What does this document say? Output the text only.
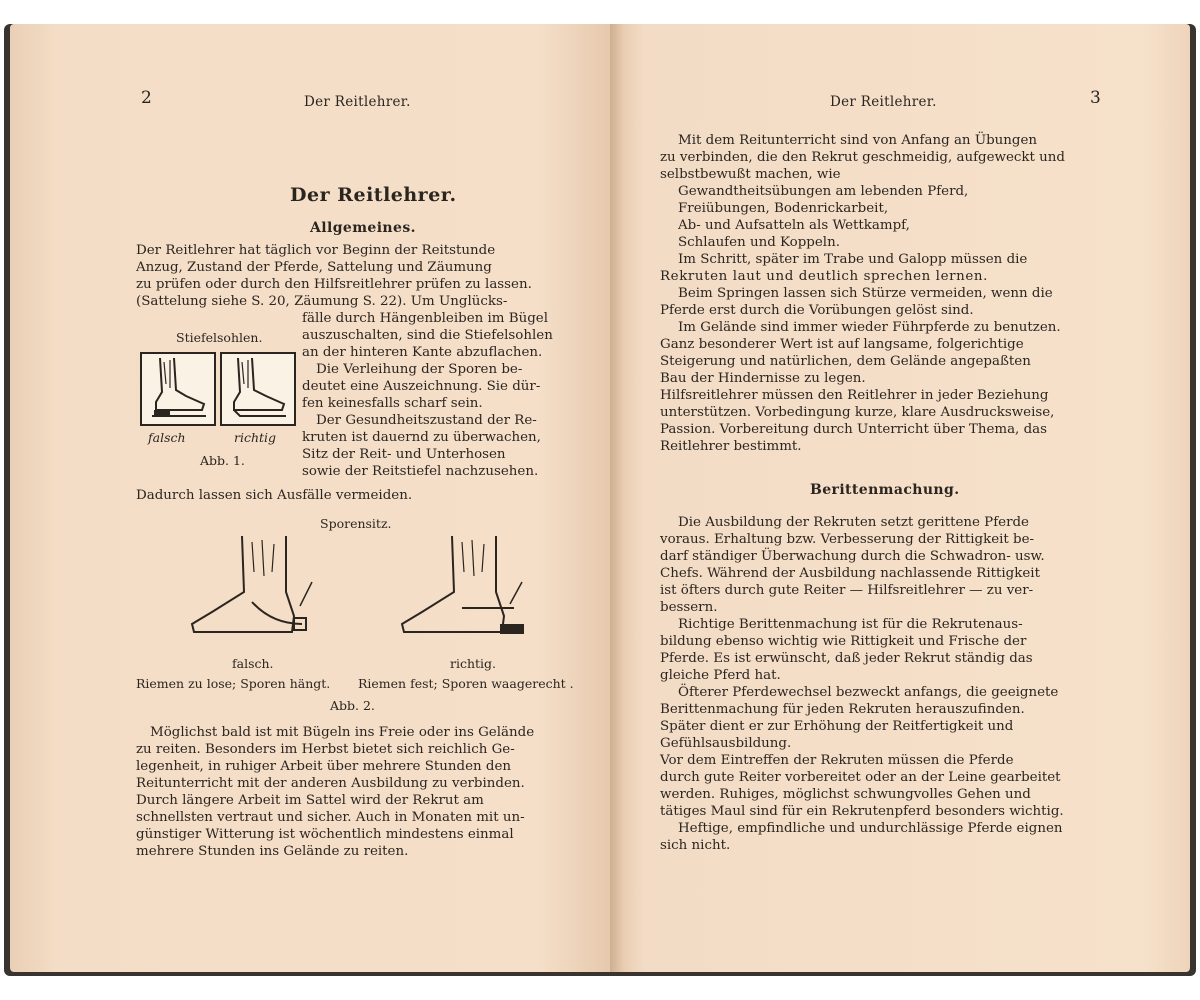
2	Der Reitlehrer.
Der Reitlehrer.
Allgemeines.
Der Reitlehrer hat täglich vor Beginn der Reitstunde
Anzug, Zustand der Pferde, Sattelung und Zäumung
zu prüfen oder durch den Hilfsreitlehrer prüfen zu lassen.
(Sattelung siehe S. 20, Zäumung S. 22). Um Unglücks-
Stiefelsohlen.
falsch	richtig
Abb. 1.
fälle durch Hängenbleiben im Bügel
auszuschalten, sind die Stiefelsohlen
an der hinteren Kante abzuflachen.
Die Verleihung der Sporen be-
deutet eine Auszeichnung. Sie dür-
fen keinesfalls scharf sein.
Der Gesundheitszustand der Re-
kruten ist dauernd zu überwachen,
Sitz der Reit- und Unterhosen
sowie der Reitstiefel nachzusehen.
Dadurch lassen sich Ausfälle vermeiden.
Sporensitz.
falsch.	richtig.
Riemen zu lose; Sporen hängt. Riemen fest; Sporen waagerecht .
Abb. 2.
Möglichst bald ist mit Bügeln ins Freie oder ins Gelände
zu reiten. Besonders im Herbst bietet sich reichlich Ge-
legenheit, in ruhiger Arbeit über mehrere Stunden den
Reitunterricht mit der anderen Ausbildung zu verbinden.
Durch längere Arbeit im Sattel wird der Rekrut am
schnellsten vertraut und sicher. Auch in Monaten mit un-
günstiger Witterung ist wöchentlich mindestens einmal
mehrere Stunden ins Gelände zu reiten.
Der Reitlehrer.	3
Mit dem Reitunterricht sind von Anfang an Übungen
zu verbinden, die den Rekrut geschmeidig, aufgeweckt und
selbstbewußt machen, wie
Gewandtheitsübungen am lebenden Pferd,
Freiübungen, Bodenrickarbeit,
Ab- und Aufsatteln als Wettkampf,
Schlaufen und Koppeln.
Im Schritt, später im Trabe und Galopp müssen die
Rekruten laut und deutlich sprechen lernen.
Beim Springen lassen sich Stürze vermeiden, wenn die
Pferde erst durch die Vorübungen gelöst sind.
Im Gelände sind immer wieder Führpferde zu benutzen.
Ganz besonderer Wert ist auf langsame, folgerichtige
Steigerung und natürlichen, dem Gelände angepaßten
Bau der Hindernisse zu legen.
Hilfsreitlehrer müssen den Reitlehrer in jeder Beziehung
unterstützen. Vorbedingung kurze, klare Ausdrucksweise,
Passion. Vorbereitung durch Unterricht über Thema, das
Reitlehrer bestimmt.
Berittenmachung.
Die Ausbildung der Rekruten setzt gerittene Pferde
voraus. Erhaltung bzw. Verbesserung der Rittigkeit be-
darf ständiger Überwachung durch die Schwadron- usw.
Chefs. Während der Ausbildung nachlassende Rittigkeit
ist öfters durch gute Reiter — Hilfsreitlehrer — zu ver-
bessern.
Richtige Berittenmachung ist für die Rekrutenaus-
bildung ebenso wichtig wie Rittigkeit und Frische der
Pferde. Es ist erwünscht, daß jeder Rekrut ständig das
gleiche Pferd hat.
Öfterer Pferdewechsel bezweckt anfangs, die geeignete
Berittenmachung für jeden Rekruten herauszufinden.
Später dient er zur Erhöhung der Reitfertigkeit und
Gefühlsausbildung.
Vor dem Eintreffen der Rekruten müssen die Pferde
durch gute Reiter vorbereitet oder an der Leine gearbeitet
werden. Ruhiges, möglichst schwungvolles Gehen und
tätiges Maul sind für ein Rekrutenpferd besonders wichtig.
Heftige, empfindliche und undurchlässige Pferde eignen
sich nicht.
